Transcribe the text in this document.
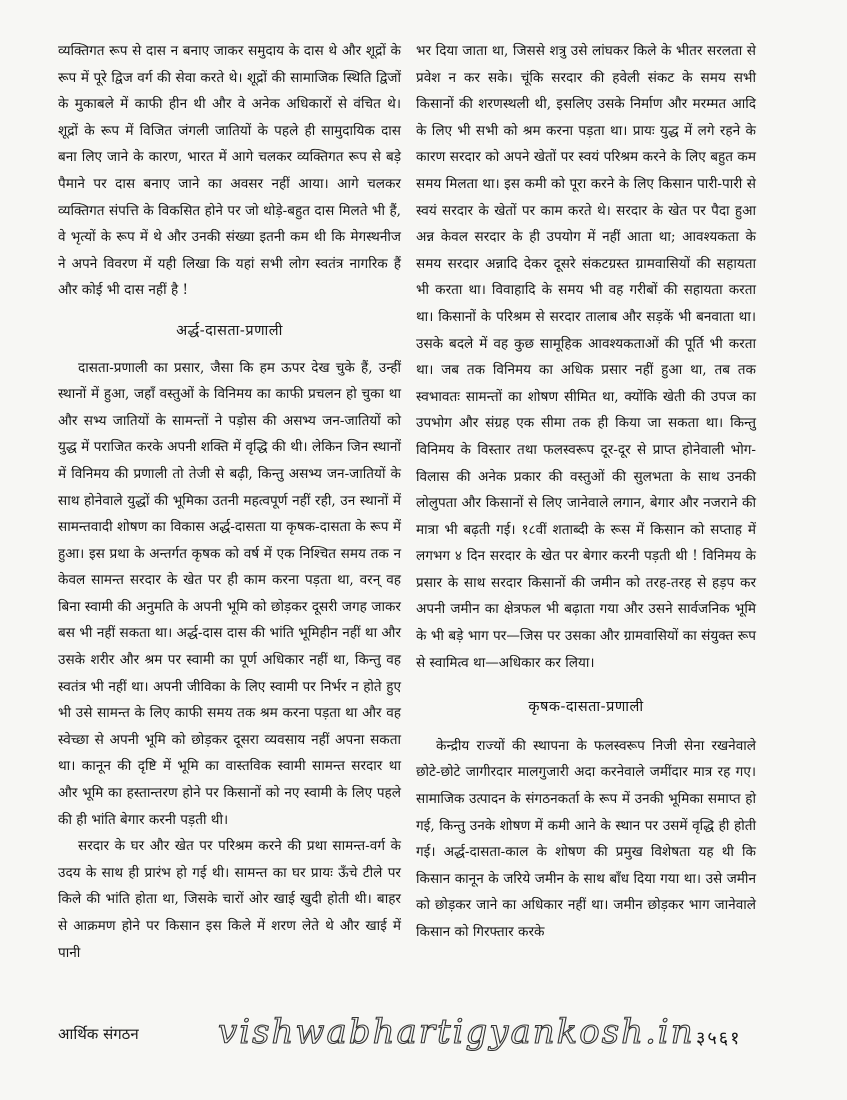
व्यक्तिगत रूप से दास न बनाए जाकर समुदाय के दास थे और शूद्रों के रूप में पूरे द्विज वर्ग की सेवा करते थे। शूद्रों की सामाजिक स्थिति द्विजों के मुकाबले में काफी हीन थी और वे अनेक अधिकारों से वंचित थे। शूद्रों के रूप में विजित जंगली जातियों के पहले ही सामुदायिक दास बना लिए जाने के कारण, भारत में आगे चलकर व्यक्तिगत रूप से बड़े पैमाने पर दास बनाए जाने का अवसर नहीं आया। आगे चलकर व्यक्तिगत संपत्ति के विकसित होने पर जो थोड़े-बहुत दास मिलते भी हैं, वे भृत्यों के रूप में थे और उनकी संख्या इतनी कम थी कि मेगस्थनीज ने अपने विवरण में यही लिखा कि यहां सभी लोग स्वतंत्र नागरिक हैं और कोई भी दास नहीं है !

अर्द्ध-दासता-प्रणाली

दासता-प्रणाली का प्रसार, जैसा कि हम ऊपर देख चुके हैं, उन्हीं स्थानों में हुआ, जहाँ वस्तुओं के विनिमय का काफी प्रचलन हो चुका था और सभ्य जातियों के सामन्तों ने पड़ोस की असभ्य जन-जातियों को युद्ध में पराजित करके अपनी शक्ति में वृद्धि की थी। लेकिन जिन स्थानों में विनिमय की प्रणाली तो तेजी से बढ़ी, किन्तु असभ्य जन-जातियों के साथ होनेवाले युद्धों की भूमिका उतनी महत्वपूर्ण नहीं रही, उन स्थानों में सामन्तवादी शोषण का विकास अर्द्ध-दासता या कृषक-दासता के रूप में हुआ। इस प्रथा के अन्तर्गत कृषक को वर्ष में एक निश्चित समय तक न केवल सामन्त सरदार के खेत पर ही काम करना पड़ता था, वरन् वह बिना स्वामी की अनुमति के अपनी भूमि को छोड़कर दूसरी जगह जाकर बस भी नहीं सकता था। अर्द्ध-दास दास की भांति भूमिहीन नहीं था और उसके शरीर और श्रम पर स्वामी का पूर्ण अधिकार नहीं था, किन्तु वह स्वतंत्र भी नहीं था। अपनी जीविका के लिए स्वामी पर निर्भर न होते हुए भी उसे सामन्त के लिए काफी समय तक श्रम करना पड़ता था और वह स्वेच्छा से अपनी भूमि को छोड़कर दूसरा व्यवसाय नहीं अपना सकता था। कानून की दृष्टि में भूमि का वास्तविक स्वामी सामन्त सरदार था और भूमि का हस्तान्तरण होने पर किसानों को नए स्वामी के लिए पहले की ही भांति बेगार करनी पड़ती थी।

सरदार के घर और खेत पर परिश्रम करने की प्रथा सामन्त-वर्ग के उदय के साथ ही प्रारंभ हो गई थी। सामन्त का घर प्रायः ऊँचे टीले पर किले की भांति होता था, जिसके चारों ओर खाई खुदी होती थी। बाहर से आक्रमण होने पर किसान इस किले में शरण लेते थे और खाई में पानी

भर दिया जाता था, जिससे शत्रु उसे लांघकर किले के भीतर सरलता से प्रवेश न कर सके। चूंकि सरदार की हवेली संकट के समय सभी किसानों की शरणस्थली थी, इसलिए उसके निर्माण और मरम्मत आदि के लिए भी सभी को श्रम करना पड़ता था। प्रायः युद्ध में लगे रहने के कारण सरदार को अपने खेतों पर स्वयं परिश्रम करने के लिए बहुत कम समय मिलता था। इस कमी को पूरा करने के लिए किसान पारी-पारी से स्वयं सरदार के खेतों पर काम करते थे। सरदार के खेत पर पैदा हुआ अन्न केवल सरदार के ही उपयोग में नहीं आता था; आवश्यकता के समय सरदार अन्नादि देकर दूसरे संकटग्रस्त ग्रामवासियों की सहायता भी करता था। विवाहादि के समय भी वह गरीबों की सहायता करता था। किसानों के परिश्रम से सरदार तालाब और सड़कें भी बनवाता था। उसके बदले में वह कुछ सामूहिक आवश्यकताओं की पूर्ति भी करता था। जब तक विनिमय का अधिक प्रसार नहीं हुआ था, तब तक स्वभावतः सामन्तों का शोषण सीमित था, क्योंकि खेती की उपज का उपभोग और संग्रह एक सीमा तक ही किया जा सकता था। किन्तु विनिमय के विस्तार तथा फलस्वरूप दूर-दूर से प्राप्त होनेवाली भोग-विलास की अनेक प्रकार की वस्तुओं की सुलभता के साथ उनकी लोलुपता और किसानों से लिए जानेवाले लगान, बेगार और नजराने की मात्रा भी बढ़ती गई। १८वीं शताब्दी के रूस में किसान को सप्ताह में लगभग ४ दिन सरदार के खेत पर बेगार करनी पड़ती थी ! विनिमय के प्रसार के साथ सरदार किसानों की जमीन को तरह-तरह से हड़प कर अपनी जमीन का क्षेत्रफल भी बढ़ाता गया और उसने सार्वजनिक भूमि के भी बड़े भाग पर—जिस पर उसका और ग्रामवासियों का संयुक्त रूप से स्वामित्व था—अधिकार कर लिया।

कृषक-दासता-प्रणाली

केन्द्रीय राज्यों की स्थापना के फलस्वरूप निजी सेना रखनेवाले छोटे-छोटे जागीरदार मालगुजारी अदा करनेवाले जमींदार मात्र रह गए। सामाजिक उत्पादन के संगठनकर्ता के रूप में उनकी भूमिका समाप्त हो गई, किन्तु उनके शोषण में कमी आने के स्थान पर उसमें वृद्धि ही होती गई। अर्द्ध-दासता-काल के शोषण की प्रमुख विशेषता यह थी कि किसान कानून के जरिये जमीन के साथ बाँध दिया गया था। उसे जमीन को छोड़कर जाने का अधिकार नहीं था। जमीन छोड़कर भाग जानेवाले किसान को गिरफ्तार करके

आर्थिक संगठन vishwabhartigyankosh.in ३५६१
